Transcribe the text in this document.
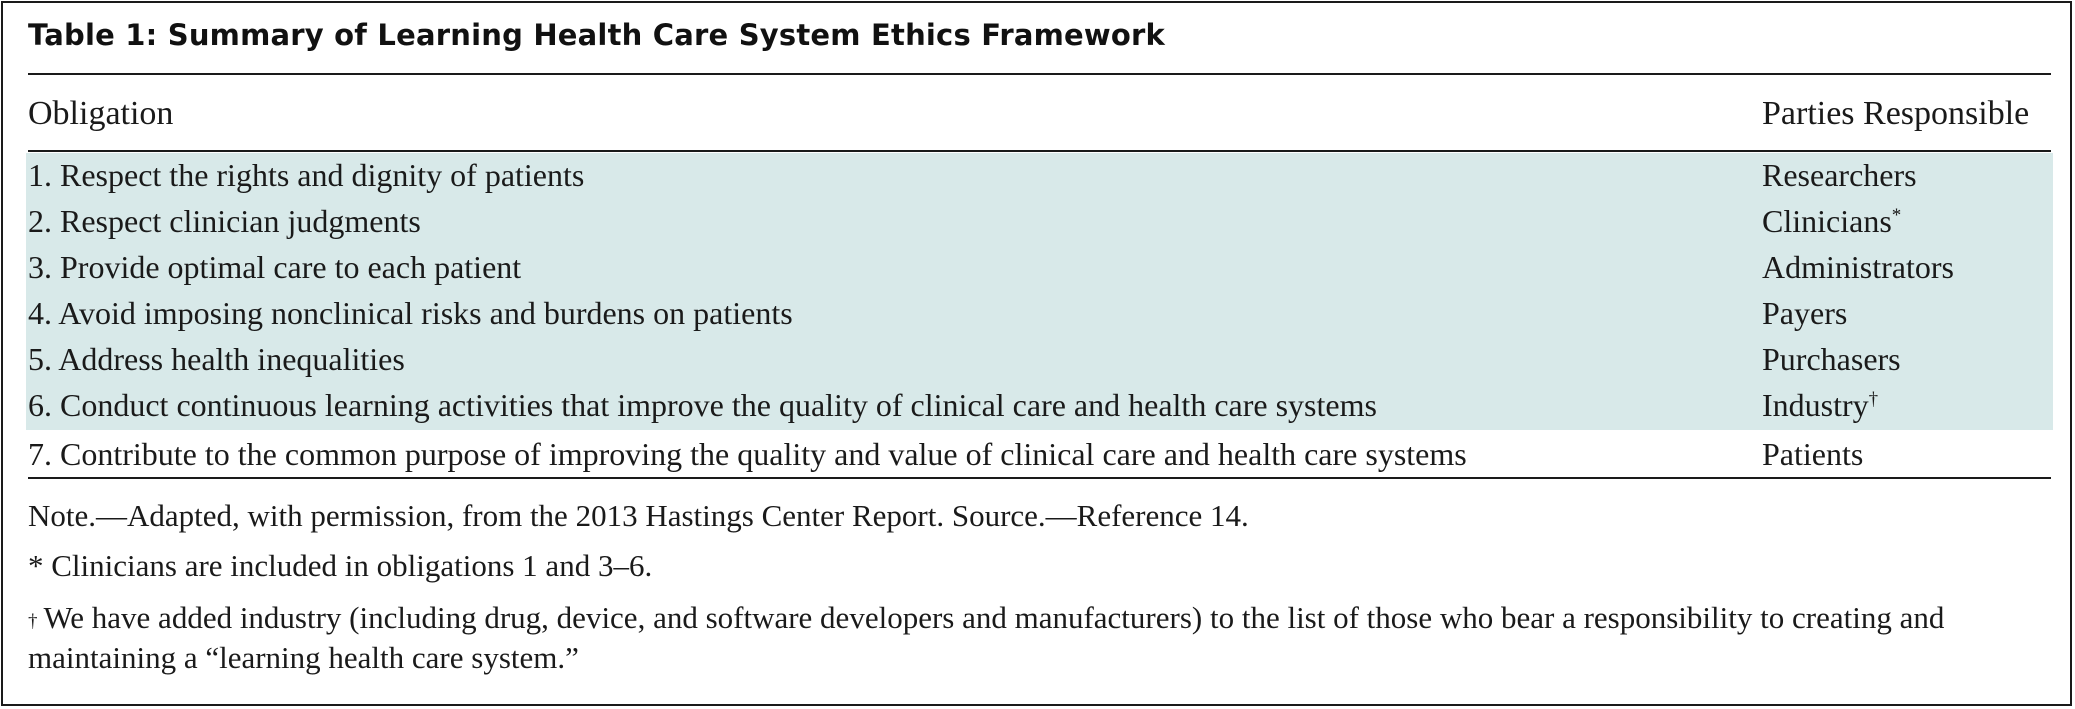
Table 1: Summary of Learning Health Care System Ethics Framework
Obligation	Parties Responsible
1. Respect the rights and dignity of patients	Researchers
2. Respect clinician judgments	Clinicians*
3. Provide optimal care to each patient	Administrators
4. Avoid imposing nonclinical risks and burdens on patients	Payers
5. Address health inequalities	Purchasers
6. Conduct continuous learning activities that improve the quality of clinical care and health care systems	Industry†
7. Contribute to the common purpose of improving the quality and value of clinical care and health care systems	Patients
Note.—Adapted, with permission, from the 2013 Hastings Center Report. Source.—Reference 14.
* Clinicians are included in obligations 1 and 3–6.
† We have added industry (including drug, device, and software developers and manufacturers) to the list of those who bear a responsibility to creating and maintaining a “learning health care system.”
